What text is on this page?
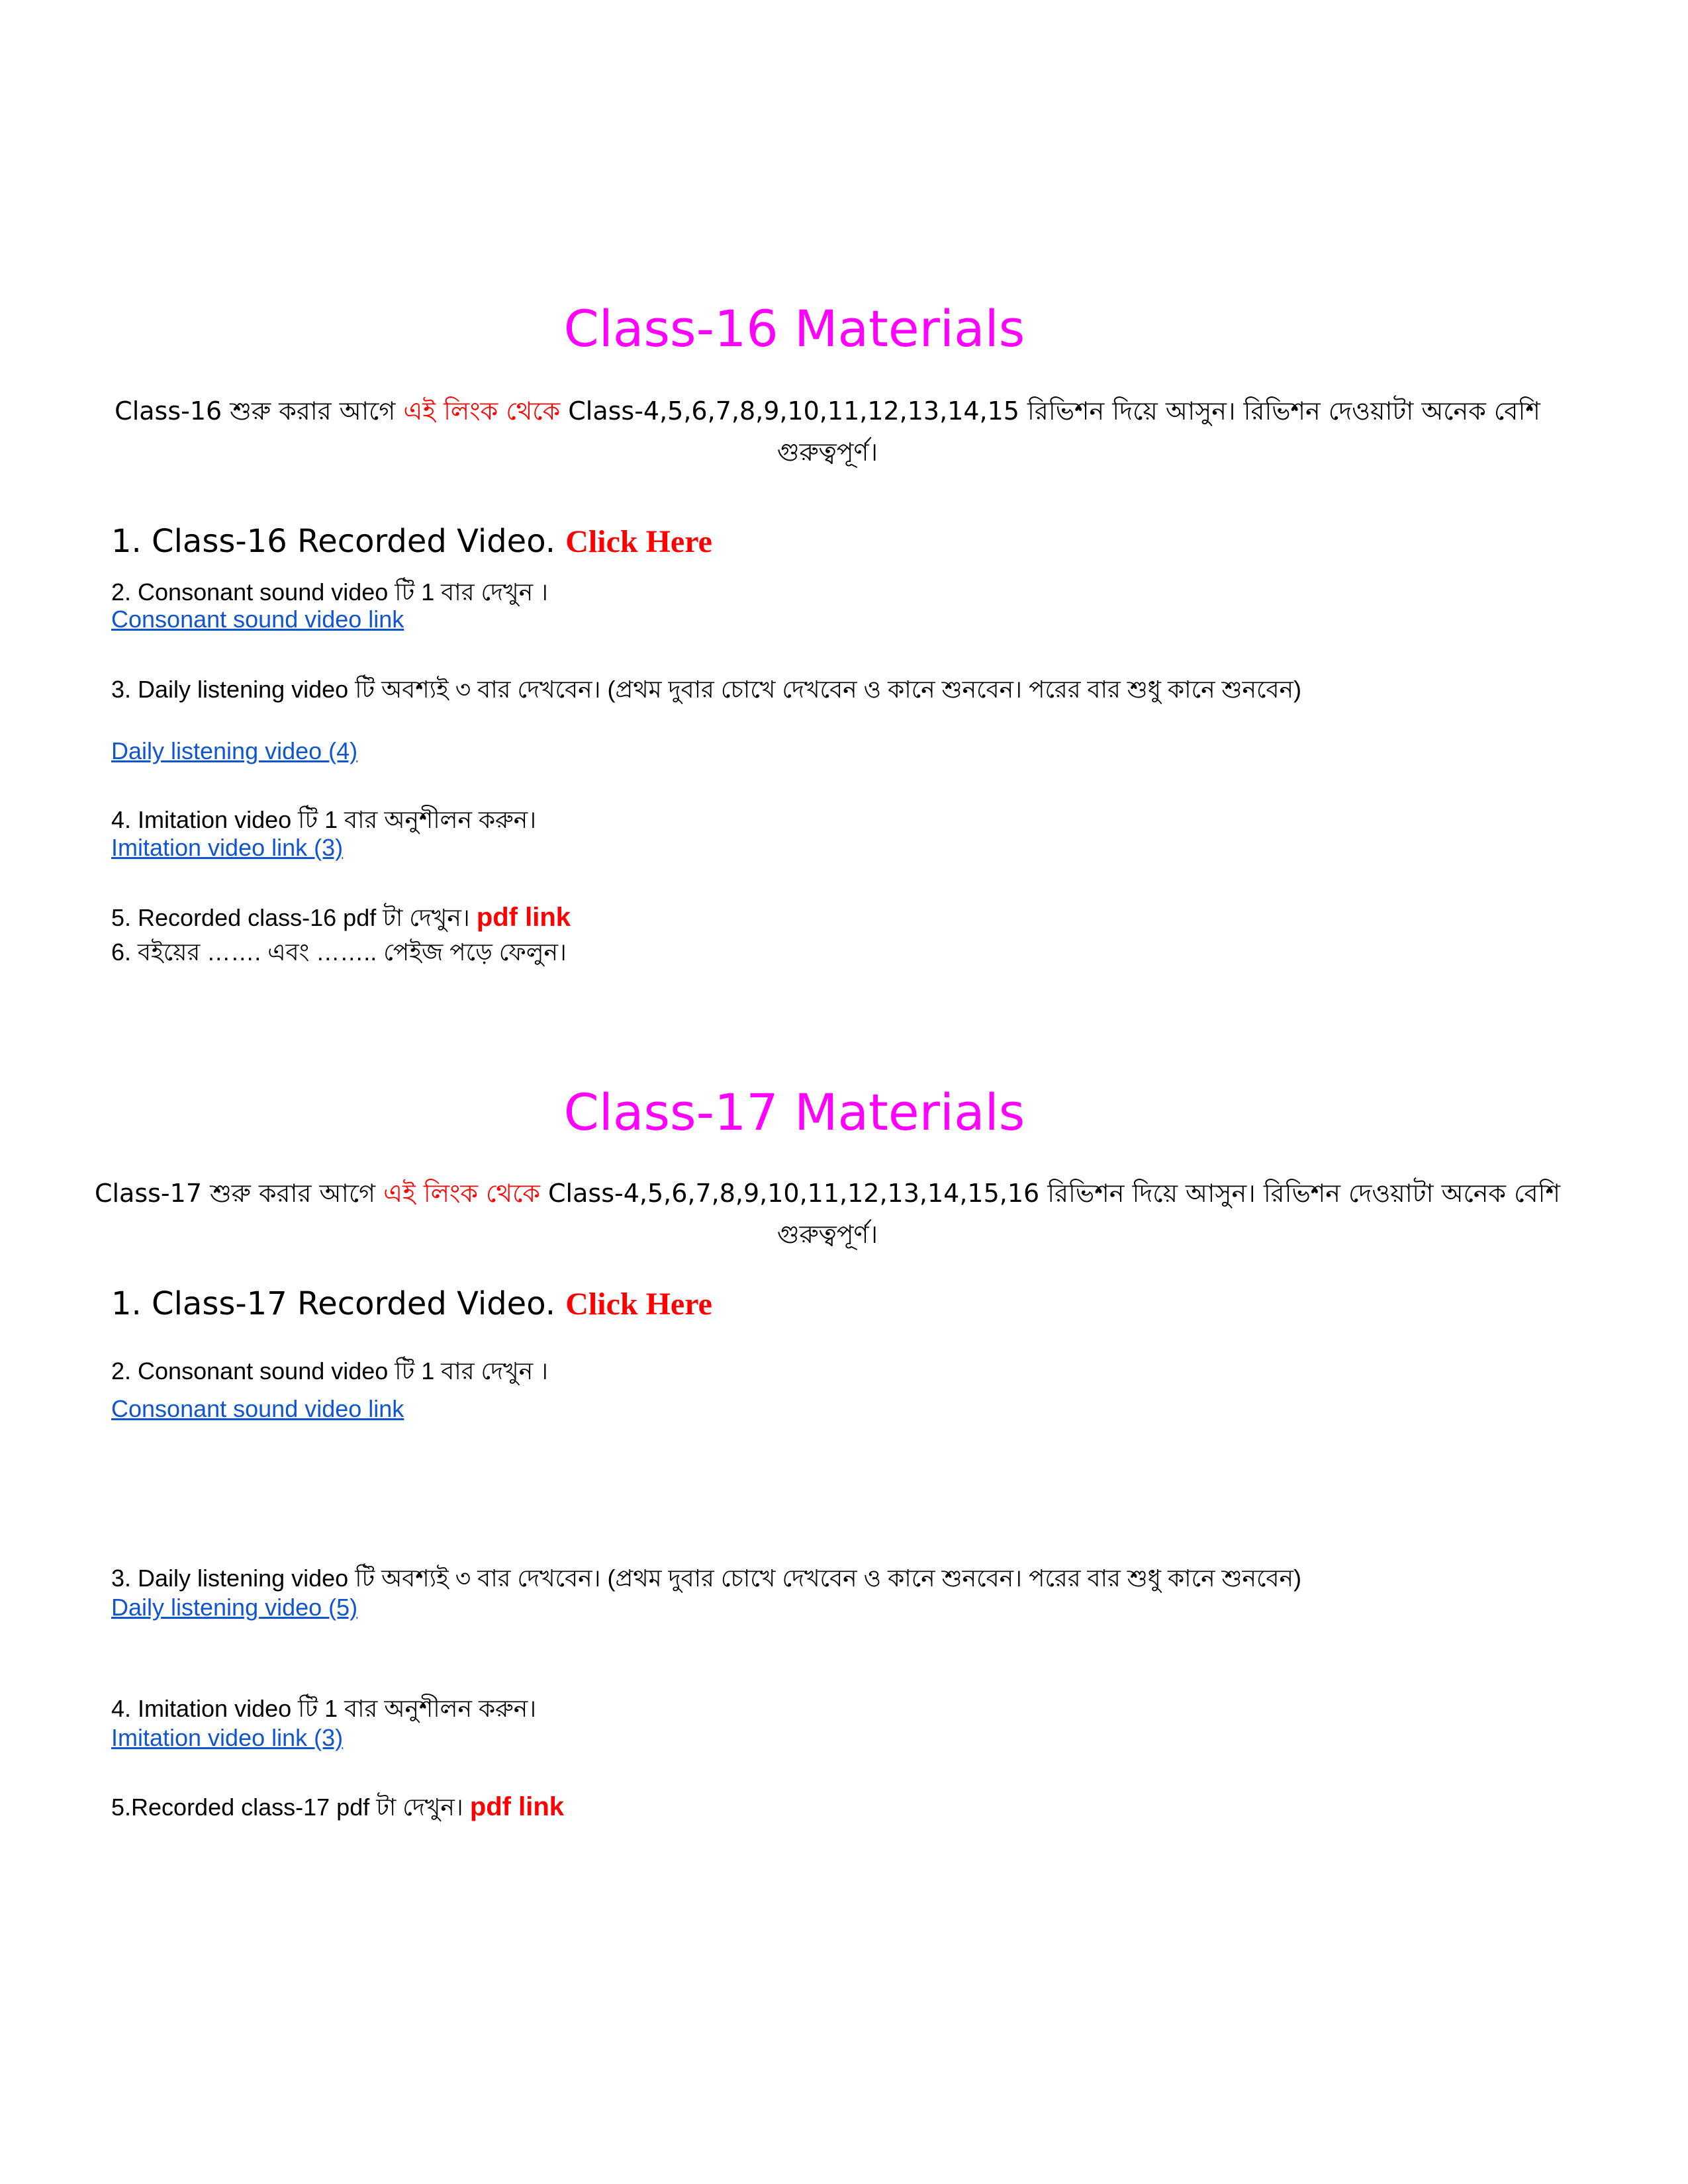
Class-16 Materials
Class-16 শুরু করার আগে এই লিংক থেকে Class-4,5,6,7,8,9,10,11,12,13,14,15 রিভিশন দিয়ে আসুন। রিভিশন দেওয়াটা অনেক বেশি গুরুত্বপূর্ণ।
1. Class-16 Recorded Video. Click Here
2. Consonant sound video টি 1 বার দেখুন ।
Consonant sound video link
3. Daily listening video টি অবশ্যই ৩ বার দেখবেন। (প্রথম দুবার চোখে দেখবেন ও কানে শুনবেন। পরের বার শুধু কানে শুনবেন)
Daily listening video (4)
4. Imitation video টি 1 বার অনুশীলন করুন।
Imitation video link (3)
5. Recorded class-16 pdf টা দেখুন। pdf link
6. বইয়ের ……. এবং …….. পেইজ পড়ে ফেলুন।
Class-17 Materials
Class-17 শুরু করার আগে এই লিংক থেকে Class-4,5,6,7,8,9,10,11,12,13,14,15,16 রিভিশন দিয়ে আসুন। রিভিশন দেওয়াটা অনেক বেশি গুরুত্বপূর্ণ।
1. Class-17 Recorded Video. Click Here
2. Consonant sound video টি 1 বার দেখুন ।
Consonant sound video link
3. Daily listening video টি অবশ্যই ৩ বার দেখবেন। (প্রথম দুবার চোখে দেখবেন ও কানে শুনবেন। পরের বার শুধু কানে শুনবেন)
Daily listening video (5)
4. Imitation video টি 1 বার অনুশীলন করুন।
Imitation video link (3)
5.Recorded class-17 pdf টা দেখুন। pdf link
